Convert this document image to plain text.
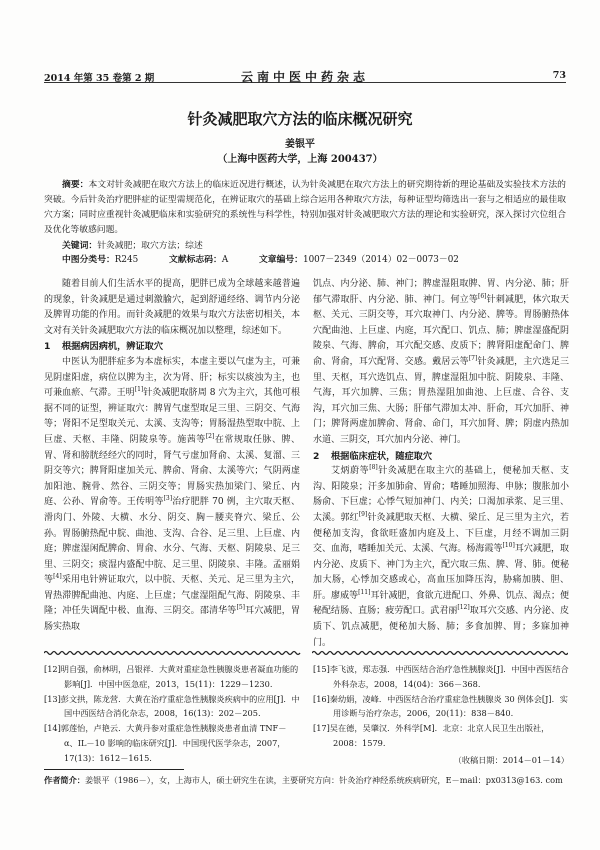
2014 年第 35 卷第 2 期	云南中医中药杂志	73
针灸减肥取穴方法的临床概况研究
姜银平
（上海中医药大学，上海 200437）
摘要：本文对针灸减肥在取穴方法上的临床近况进行概述，认为针灸减肥在取穴方法上的研究期待新的理论基础及实验技术方法的突破。今后针灸治疗肥胖症的证型需规范化，在辨证取穴的基础上综合运用各种取穴方法，每种证型均筛选出一套与之相适应的最佳取穴方案；同时应重视针灸减肥临床和实验研究的系统性与科学性，特别加强对针灸减肥取穴方法的理论和实验研究，深入探讨穴位组合及优化等敏感问题。
关键词：针灸减肥；取穴方法；综述
中图分类号：R245	文献标志码：A	文章编号：1007－2349（2014）02－0073－02

随着目前人们生活水平的提高，肥胖已成为全球越来越普遍的现象，针灸减肥是通过刺激腧穴，起到舒通经络、调节内分泌及脾胃功能的作用。而针灸减肥的效果与取穴方法密切相关，本文对有关针灸减肥取穴方法的临床概况加以整理，综述如下。

1 根据病因病机，辨证取穴

中医认为肥胖症多为本虚标实，本虚主要以气虚为主，可兼见阴虚阳虚，病位以脾为主，次为肾、肝；标实以痰浊为主，也可兼血瘀、气滞。王明[1]针灸减肥取脐周 8 穴为主穴，其他可根据不同的证型，辨证取穴：脾胃气虚型取足三里、三阴交、气海等；肾阳不足型取关元、太溪、支沟等；胃肠湿热型取中脘、上巨虚、天枢、丰隆、阴陵泉等。施茜等[2]在常规取任脉、脾、胃、肾和膀胱经经穴的同时，肾气亏虚加肾俞、太溪、复溜、三阴交等穴；脾肾阳虚加关元、脾俞、肾俞、太溪等穴；气阴两虚加阳池、腕骨、然谷、三阴交等；胃肠实热加梁门、梁丘、内庭、公孙、胃俞等。王传明等[3]治疗肥胖 70 例，主穴取天枢、滑肉门、外陵、大横、水分、阴交、胸－腰夹脊穴、梁丘、公孙。胃肠腑热配中脘、曲池、支沟、合谷、足三里、上巨虚、内庭；脾虚湿闲配脾俞、胃俞、水分、气海、天枢、阴陵泉、足三里、三阴交；痰湿内盛配中脘、足三里、阴陵泉、丰隆。孟丽娟等[4]采用电针辨证取穴，以中脘、天枢、关元、足三里为主穴，胃热滞脾配曲池、内庭、上巨虚；气虚湿阻配气海、阴陵泉、丰隆；冲任失调配中极、血海、三阴交。邵清华等[5]耳穴减肥，胃肠实热取

饥点、内分泌、肺、神门；脾虚湿阻取脾、胃、内分泌、肺；肝郁气滞取肝、内分泌、肺、神门。何立等[6]针刺减肥，体穴取天枢、关元、三阴交等，耳穴取神门、内分泌、脾等。胃肠腑热体穴配曲池、上巨虚、内庭，耳穴配口、饥点、肺；脾虚湿盛配阴陵泉、气海、脾俞，耳穴配交感、皮质下；脾肾阳虚配命门、脾俞、肾俞，耳穴配肾、交感。戴居云等[7]针灸减肥，主穴选足三里、天枢，耳穴选饥点、胃，脾虚湿阻加中脘、阴陵泉、丰隆、气海，耳穴加脾、三焦；胃热湿阻加曲池、上巨虚、合谷、支沟，耳穴加三焦、大肠；肝郁气滞加太冲、肝俞，耳穴加肝、神门；脾肾两虚加脾俞、肾俞、命门，耳穴加肾、脾；阴虚内热加水道、三阴交，耳穴加内分泌、神门。

2 根据临床症状，随症取穴

艾炳蔚等[8]针灸减肥在取主穴的基础上，便秘加天枢、支沟、阳陵泉；汗多加肺俞、胃俞；嗜睡加照海、申脉；腹胀加小肠俞、下巨虚；心悸气短加神门、内关；口渴加承浆、足三里、太溪。郭红[9]针灸减肥取天枢、大横、梁丘、足三里为主穴，若便秘加支沟，食欲旺盛加内庭及上、下巨虚，月经不调加三阴交、血海，嗜睡加关元、太溪、气海。杨海霞等[10]耳穴减肥，取内分泌、皮质下、神门为主穴，配穴取三焦、脾、肾、肺。便秘加大肠，心悸加交感或心，高血压加降压沟，胁痛加胰、胆、肝。廖威等[11]耳针减肥，食欲亢进配口、外鼻、饥点、渴点；便秘配结肠、直肠；疲劳配口。武君丽[12]取耳穴交感、内分泌、皮质下、饥点减肥，便秘加大肠、肺；多食加脾、胃；多寐加神门。

[12]明自强，俞林明，吕银祥．大黄对重症急性胰腺炎患者凝血功能的影响[J]．中国中医急症，2013，15(11)：1229－1230.

[13]彭文拱，陈龙营．大黄在治疗重症急性胰腺炎疾病中的应用[J]．中国中西医结合消化杂志，2008，16(13)：202－205.

[14]郭莲怡，卢艳云．大黄丹参对重症急性胰腺炎患者血清 TNF－α、IL－10 影响的临床研究[J]．中国现代医学杂志，2007，17(13)：1612－1615.

[15]李飞波，郑志强．中西医结合治疗急性胰腺炎[J]．中国中西医结合外科杂志，2008，14(04)：366－368.

[16]秦幼娟，凌峰．中西医结合治疗重症急性胰腺炎 30 例体会[J]．实用诊断与治疗杂志，2006，20(11)：838－840.

[17]吴在德，吴肇汉．外科学[M]．北京：北京人民卫生出版社，2008：1579.

（收稿日期：2014－01－14）
作者简介：姜银平（1986－），女，上海市人，硕士研究生在读，主要研究方向：针灸治疗神经系统疾病研究，E－mail：px0313@163. com
